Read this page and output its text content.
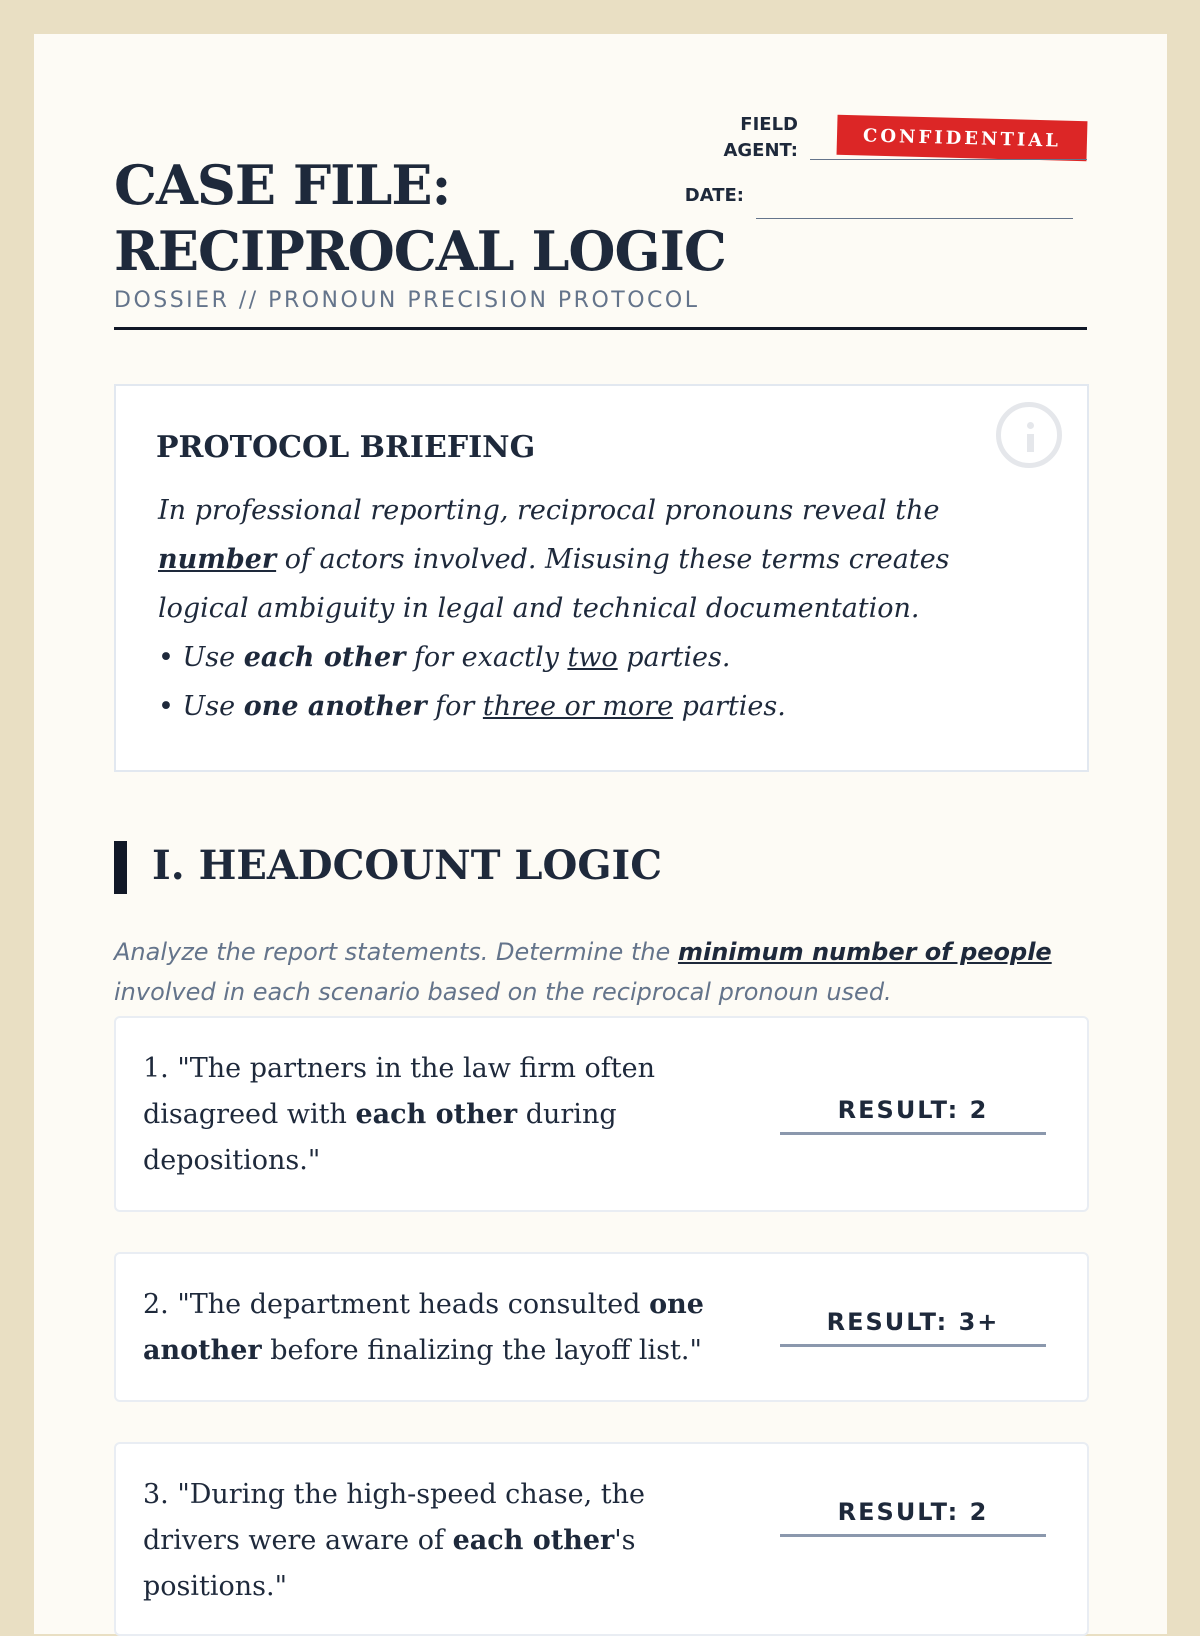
CASE FILE:
RECIPROCAL LOGIC
DOSSIER // PRONOUN PRECISION PROTOCOL
CONFIDENTIAL
FIELD
AGENT:
DATE:
PROTOCOL BRIEFING
In professional reporting, reciprocal pronouns reveal the number of actors involved. Misusing these terms creates logical ambiguity in legal and technical documentation.
• Use each other for exactly two parties.
• Use one another for three or more parties.
I. HEADCOUNT LOGIC
Analyze the report statements. Determine the minimum number of people involved in each scenario based on the reciprocal pronoun used.
1. "The partners in the law firm often disagreed with each other during depositions."
RESULT: 2
2. "The department heads consulted one another before finalizing the layoff list."
RESULT: 3+
3. "During the high-speed chase, the drivers were aware of each other's positions."
RESULT: 2
